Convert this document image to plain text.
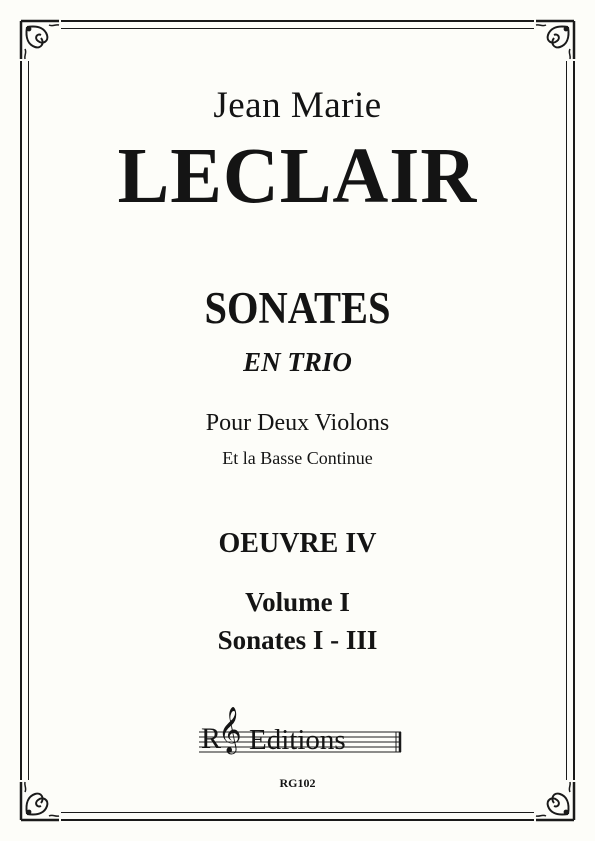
Jean Marie
LECLAIR
SONATES
EN TRIO
Pour Deux Violons
Et la Basse Continue
OEUVRE IV
Volume I
Sonates I - III
R
𝄞 Editions
RG102
